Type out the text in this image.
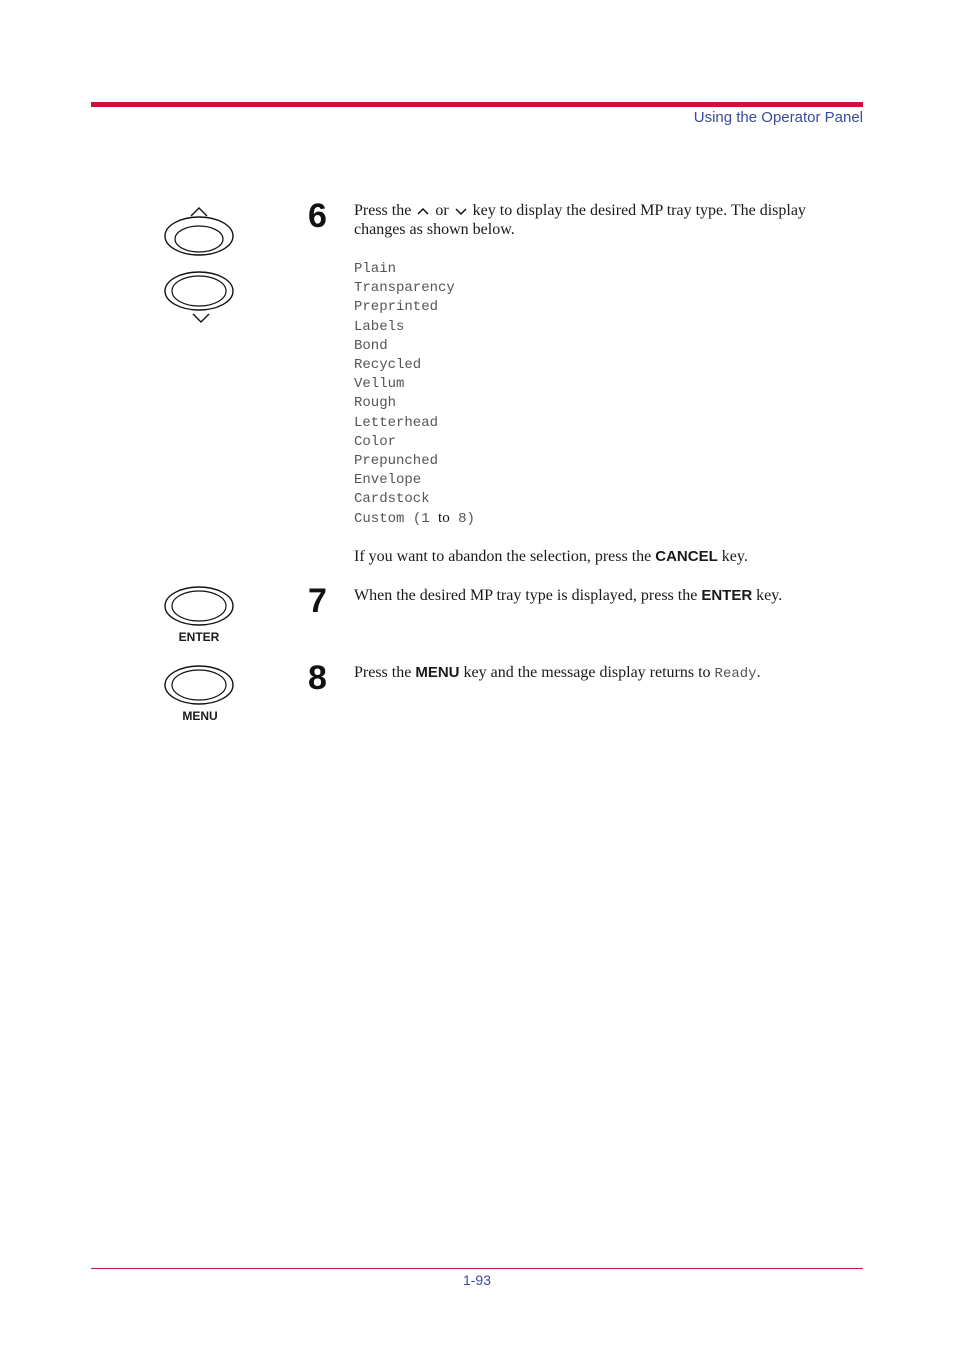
Using the Operator Panel
6 Press the or key to display the desired MP tray type. The display changes as shown below.
Plain
Transparency
Preprinted
Labels
Bond
Recycled
Vellum
Rough
Letterhead
Color
Prepunched
Envelope
Cardstock
Custom (1 to 8)
If you want to abandon the selection, press the CANCEL key.
ENTER
7 When the desired MP tray type is displayed, press the ENTER key.
MENU
8 Press the MENU key and the message display returns to Ready.
1-93
